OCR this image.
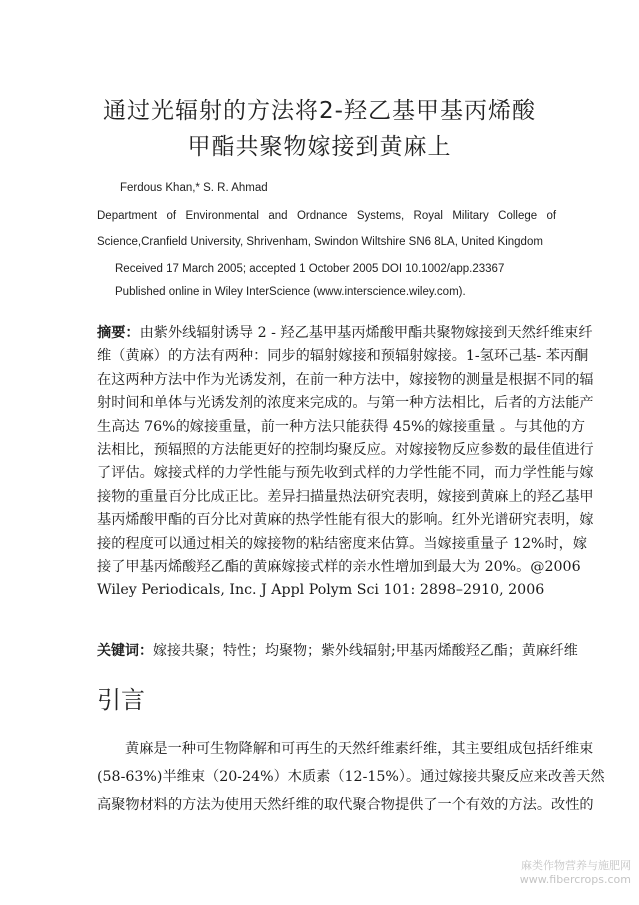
通过光辐射的方法将2-羟乙基甲基丙烯酸
甲酯共聚物嫁接到黄麻上
Ferdous Khan,* S. R. Ahmad
Department of Environmental and Ordnance Systems, Royal Military College of
Science,Cranfield University, Shrivenham, Swindon Wiltshire SN6 8LA, United Kingdom
Received 17 March 2005; accepted 1 October 2005 DOI 10.1002/app.23367
Published online in Wiley InterScience (www.interscience.wiley.com).
摘要：由紫外线辐射诱导 2 - 羟乙基甲基丙烯酸甲酯共聚物嫁接到天然纤维束纤
维（黄麻）的方法有两种：同步的辐射嫁接和预辐射嫁接。1-氢环己基- 苯丙酮
在这两种方法中作为光诱发剂，在前一种方法中，嫁接物的测量是根据不同的辐
射时间和单体与光诱发剂的浓度来完成的。与第一种方法相比，后者的方法能产
生高达 76%的嫁接重量，前一种方法只能获得 45%的嫁接重量 。与其他的方
法相比，预辐照的方法能更好的控制均聚反应。对嫁接物反应参数的最佳值进行
了评估。嫁接式样的力学性能与预先收到式样的力学性能不同，而力学性能与嫁
接物的重量百分比成正比。差异扫描量热法研究表明，嫁接到黄麻上的羟乙基甲
基丙烯酸甲酯的百分比对黄麻的热学性能有很大的影响。红外光谱研究表明，嫁
接的程度可以通过相关的嫁接物的粘结密度来估算。当嫁接重量子 12%时，嫁
接了甲基丙烯酸羟乙酯的黄麻嫁接式样的亲水性增加到最大为 20%。@2006
Wiley Periodicals, Inc. J Appl Polym Sci 101: 2898–2910, 2006
关键词：嫁接共聚；特性；均聚物；紫外线辐射;甲基丙烯酸羟乙酯；黄麻纤维
引言
黄麻是一种可生物降解和可再生的天然纤维素纤维，其主要组成包括纤维束
(58-63%)半维束（20-24%）木质素（12-15%）。通过嫁接共聚反应来改善天然
高聚物材料的方法为使用天然纤维的取代聚合物提供了一个有效的方法。改性的
麻类作物营养与施肥网
www.fibercrops.com
